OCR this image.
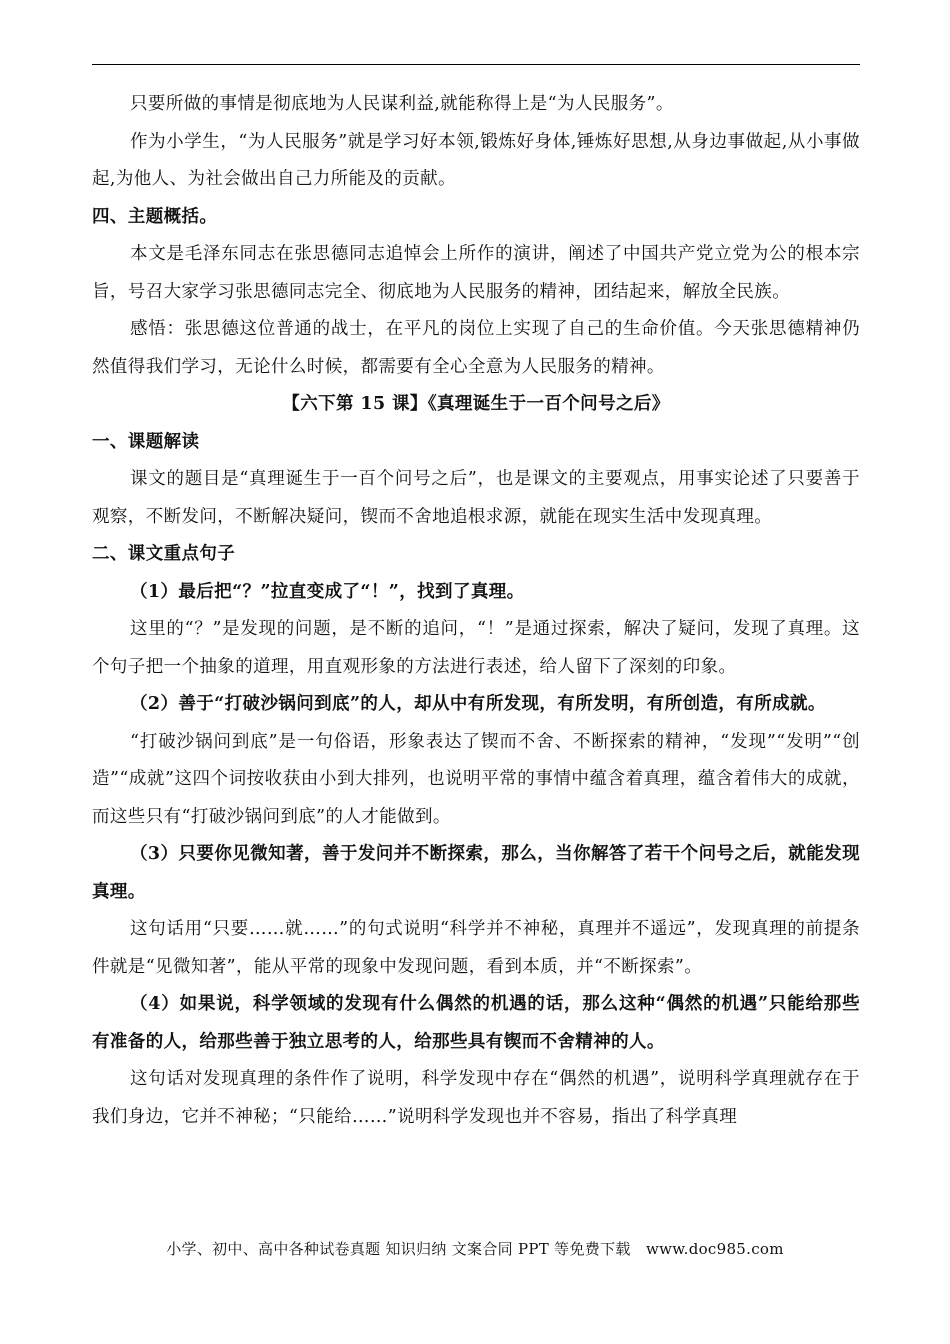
只要所做的事情是彻底地为人民谋利益,就能称得上是“为人民服务”。

作为小学生，“为人民服务”就是学习好本领,锻炼好身体,锤炼好思想,从身边事做起,从小事做起,为他人、为社会做出自己力所能及的贡献。

四、主题概括。

本文是毛泽东同志在张思德同志追悼会上所作的演讲，阐述了中国共产党立党为公的根本宗旨，号召大家学习张思德同志完全、彻底地为人民服务的精神，团结起来，解放全民族。

感悟：张思德这位普通的战士，在平凡的岗位上实现了自己的生命价值。今天张思德精神仍然值得我们学习，无论什么时候，都需要有全心全意为人民服务的精神。

【六下第 15 课】《真理诞生于一百个问号之后》

一、课题解读

课文的题目是“真理诞生于一百个问号之后”，也是课文的主要观点，用事实论述了只要善于观察，不断发问，不断解决疑问，锲而不舍地追根求源，就能在现实生活中发现真理。

二、课文重点句子

（1）最后把“？”拉直变成了“！”，找到了真理。

这里的“？”是发现的问题，是不断的追问，“！”是通过探索，解决了疑问，发现了真理。这个句子把一个抽象的道理，用直观形象的方法进行表述，给人留下了深刻的印象。

（2）善于“打破沙锅问到底”的人，却从中有所发现，有所发明，有所创造，有所成就。

“打破沙锅问到底”是一句俗语，形象表达了锲而不舍、不断探索的精神，“发现”“发明”“创造”“成就”这四个词按收获由小到大排列，也说明平常的事情中蕴含着真理，蕴含着伟大的成就，而这些只有“打破沙锅问到底”的人才能做到。

（3）只要你见微知著，善于发问并不断探索，那么，当你解答了若干个问号之后，就能发现真理。

这句话用“只要……就……”的句式说明“科学并不神秘，真理并不遥远”，发现真理的前提条件就是“见微知著”，能从平常的现象中发现问题，看到本质，并“不断探索”。

（4）如果说，科学领域的发现有什么偶然的机遇的话，那么这种“偶然的机遇”只能给那些有准备的人，给那些善于独立思考的人，给那些具有锲而不舍精神的人。

这句话对发现真理的条件作了说明，科学发现中存在“偶然的机遇”，说明科学真理就存在于我们身边，它并不神秘；“只能给……”说明科学发现也并不容易，指出了科学真理

小学、初中、高中各种试卷真题 知识归纳 文案合同 PPT 等免费下载　www.doc985.com
